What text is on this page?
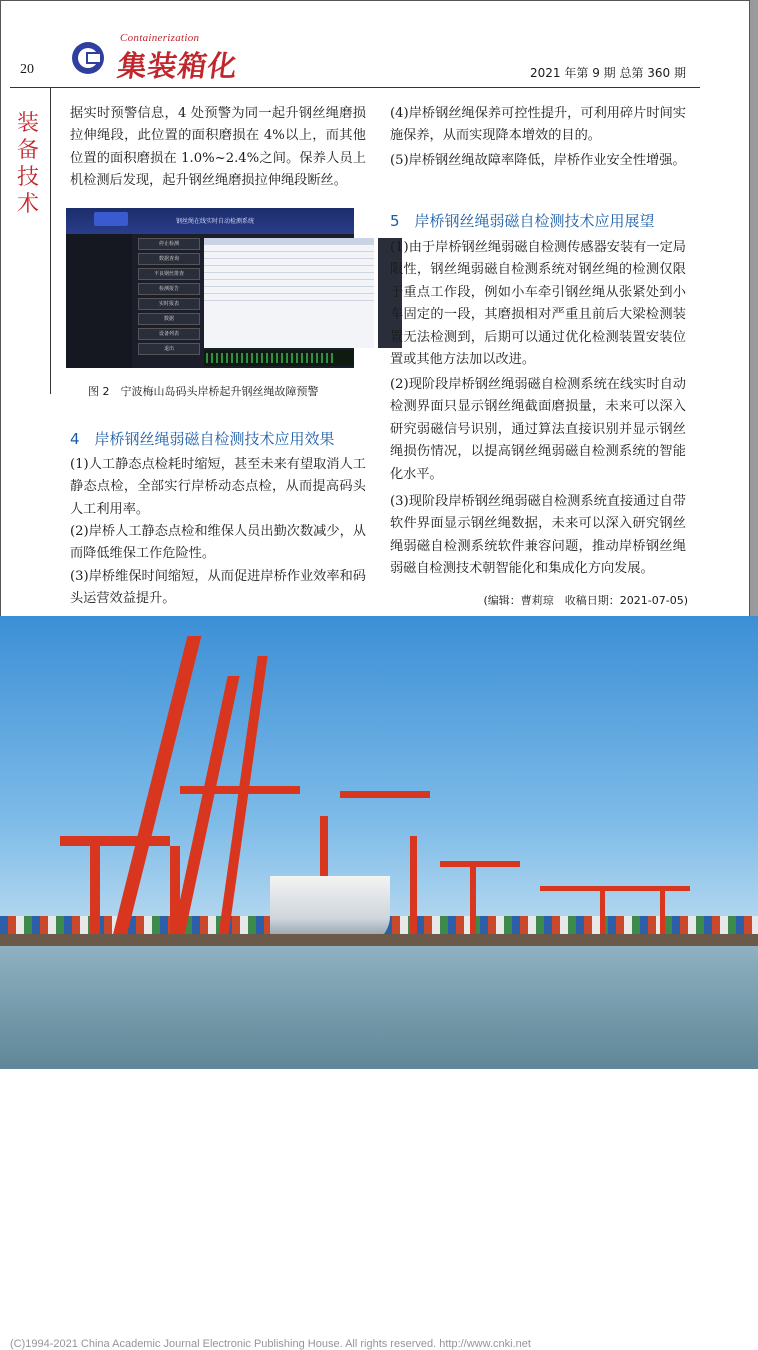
20
Containerization
集装箱化	2021 年第 9 期 总第 360 期
装备技术

据实时预警信息，4 处预警为同一起升钢丝绳磨损拉伸绳段，此位置的面积磨损在 4%以上，而其他位置的面积磨损在 1.0%~2.4%之间。保养人员上机检测后发现，起升钢丝绳磨损拉伸绳段断丝。

钢丝绳在线实时自动检测系统
停止检测
数据查询
不良钢丝排查
检测报告
实时报表
数据
设备列表
退出
图 2　宁波梅山岛码头岸桥起升钢丝绳故障预警
4　岸桥钢丝绳弱磁自检测技术应用效果

(1)人工静态点检耗时缩短，甚至未来有望取消人工静态点检，全部实行岸桥动态点检，从而提高码头人工利用率。

(2)岸桥人工静态点检和维保人员出勤次数减少，从而降低维保工作危险性。

(3)岸桥维保时间缩短，从而促进岸桥作业效率和码头运营效益提升。

(4)岸桥钢丝绳保养可控性提升，可利用碎片时间实施保养，从而实现降本增效的目的。

(5)岸桥钢丝绳故障率降低，岸桥作业安全性增强。

5　岸桥钢丝绳弱磁自检测技术应用展望

(1)由于岸桥钢丝绳弱磁自检测传感器安装有一定局限性，钢丝绳弱磁自检测系统对钢丝绳的检测仅限于重点工作段，例如小车牵引钢丝绳从张紧处到小车固定的一段，其磨损相对严重且前后大梁检测装置无法检测到，后期可以通过优化检测装置安装位置或其他方法加以改进。

(2)现阶段岸桥钢丝绳弱磁自检测系统在线实时自动检测界面只显示钢丝绳截面磨损量，未来可以深入研究弱磁信号识别，通过算法直接识别并显示钢丝绳损伤情况，以提高钢丝绳弱磁自检测系统的智能化水平。

(3)现阶段岸桥钢丝绳弱磁自检测系统直接通过自带软件界面显示钢丝绳数据，未来可以深入研究钢丝绳弱磁自检测系统软件兼容问题，推动岸桥钢丝绳弱磁自检测技术朝智能化和集成化方向发展。

(编辑：曹莉琼　收稿日期：2021-07-05)
(C)1994-2021 China Academic Journal Electronic Publishing House. All rights reserved. http://www.cnki.net
